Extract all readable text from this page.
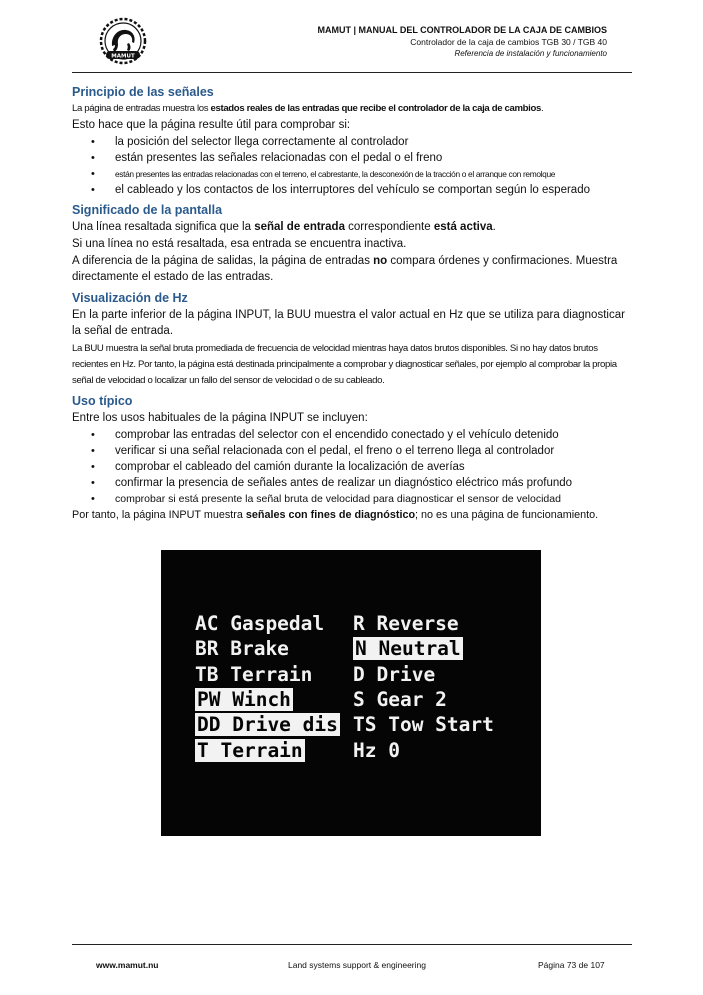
MAMUT
MAMUT | MANUAL DEL CONTROLADOR DE LA CAJA DE CAMBIOS
Controlador de la caja de cambios TGB 30 / TGB 40
Referencia de instalación y funcionamiento
Principio de las señales

La página de entradas muestra los estados reales de las entradas que recibe el controlador de la caja de cambios.

Esto hace que la página resulte útil para comprobar si:

• la posición del selector llega correctamente al controlador
• están presentes las señales relacionadas con el pedal o el freno
• están presentes las entradas relacionadas con el terreno, el cabrestante, la desconexión de la tracción o el arranque con remolque
• el cableado y los contactos de los interruptores del vehículo se comportan según lo esperado
Significado de la pantalla

Una línea resaltada significa que la señal de entrada correspondiente está activa.

Si una línea no está resaltada, esa entrada se encuentra inactiva.

A diferencia de la página de salidas, la página de entradas no compara órdenes y confirmaciones. Muestra directamente el estado de las entradas.

Visualización de Hz

En la parte inferior de la página INPUT, la BUU muestra el valor actual en Hz que se utiliza para diagnosticar la señal de entrada.

La BUU muestra la señal bruta promediada de frecuencia de velocidad mientras haya datos brutos disponibles. Si no hay datos brutos recientes en Hz. Por tanto, la página está destinada principalmente a comprobar y diagnosticar señales, por ejemplo al comprobar la propia señal de velocidad o localizar un fallo del sensor de velocidad o de su cableado.

Uso típico

Entre los usos habituales de la página INPUT se incluyen:

• comprobar las entradas del selector con el encendido conectado y el vehículo detenido
• verificar si una señal relacionada con el pedal, el freno o el terreno llega al controlador
• comprobar el cableado del camión durante la localización de averías
• confirmar la presencia de señales antes de realizar un diagnóstico eléctrico más profundo
• comprobar si está presente la señal bruta de velocidad para diagnosticar el sensor de velocidad

Por tanto, la página INPUT muestra señales con fines de diagnóstico; no es una página de funcionamiento.

AC Gaspedal
BR Brake
TB Terrain
PW Winch
DD Drive dis
T Terrain
R Reverse
N Neutral
D Drive
S Gear 2
TS Tow Start
Hz 0
www.mamut.nu	Land systems support & engineering	Página 73 de 107
